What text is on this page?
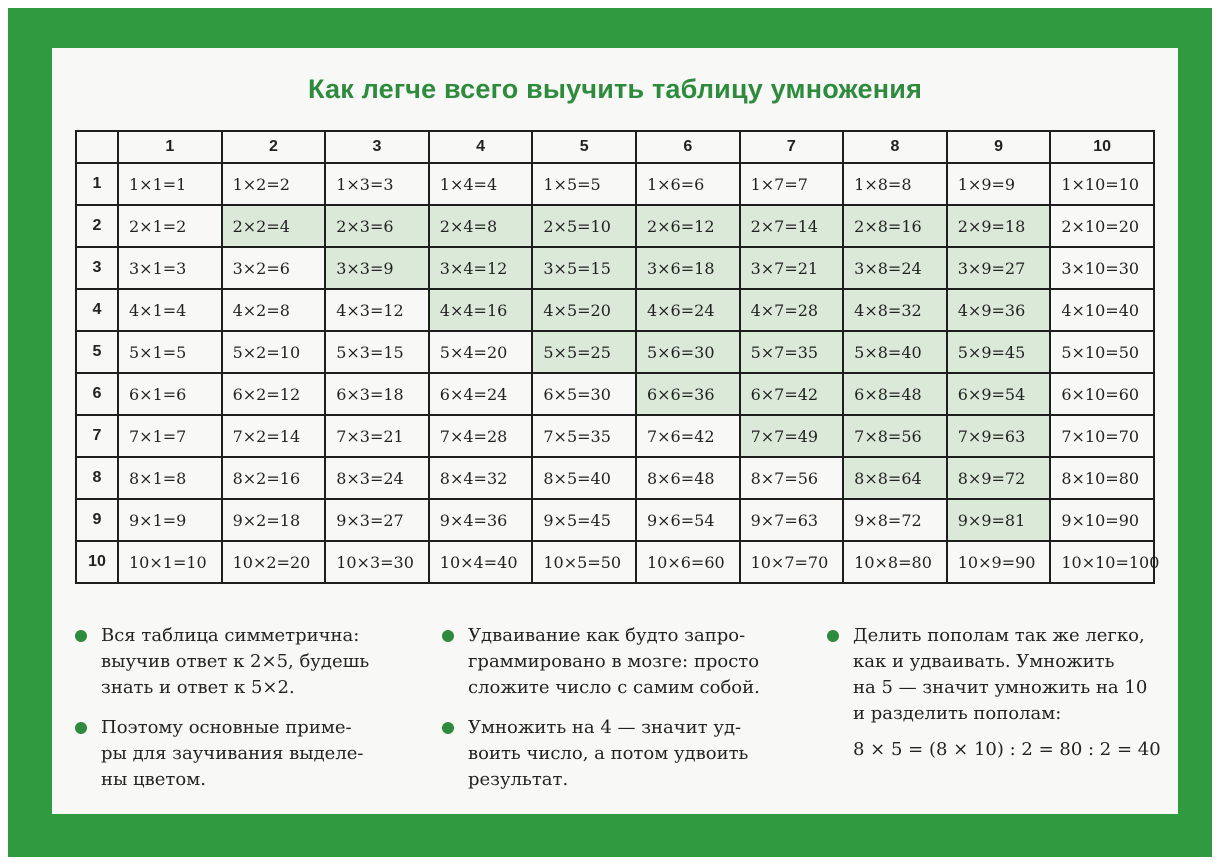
Как легче всего выучить таблицу умножения
	1	2	3	4	5	6	7	8	9	10
1	1×1=1	1×2=2	1×3=3	1×4=4	1×5=5	1×6=6	1×7=7	1×8=8	1×9=9	1×10=10
2	2×1=2	2×2=4	2×3=6	2×4=8	2×5=10	2×6=12	2×7=14	2×8=16	2×9=18	2×10=20
3	3×1=3	3×2=6	3×3=9	3×4=12	3×5=15	3×6=18	3×7=21	3×8=24	3×9=27	3×10=30
4	4×1=4	4×2=8	4×3=12	4×4=16	4×5=20	4×6=24	4×7=28	4×8=32	4×9=36	4×10=40
5	5×1=5	5×2=10	5×3=15	5×4=20	5×5=25	5×6=30	5×7=35	5×8=40	5×9=45	5×10=50
6	6×1=6	6×2=12	6×3=18	6×4=24	6×5=30	6×6=36	6×7=42	6×8=48	6×9=54	6×10=60
7	7×1=7	7×2=14	7×3=21	7×4=28	7×5=35	7×6=42	7×7=49	7×8=56	7×9=63	7×10=70
8	8×1=8	8×2=16	8×3=24	8×4=32	8×5=40	8×6=48	8×7=56	8×8=64	8×9=72	8×10=80
9	9×1=9	9×2=18	9×3=27	9×4=36	9×5=45	9×6=54	9×7=63	9×8=72	9×9=81	9×10=90
10	10×1=10	10×2=20	10×3=30	10×4=40	10×5=50	10×6=60	10×7=70	10×8=80	10×9=90	10×10=100
Вся таблица симметрична:
выучив ответ к 2×5, будешь
знать и ответ к 5×2.
Поэтому основные приме-
ры для заучивания выделе-
ны цветом.
Удваивание как будто запро-
граммировано в мозге: просто
сложите число с самим собой.
Умножить на 4 — значит уд-
воить число, а потом удвоить
результат.
Делить пополам так же легко,
как и удваивать. Умножить
на 5 — значит умножить на 10
и разделить пополам:
8 × 5 = (8 × 10) : 2 = 80 : 2 = 40
